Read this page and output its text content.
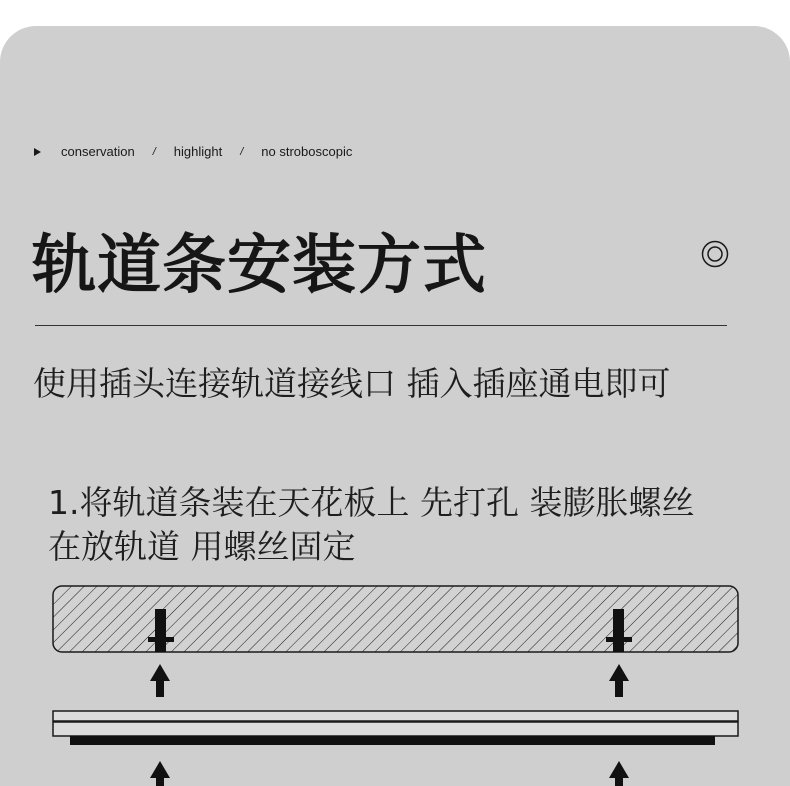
conservation / highlight / no stroboscopic
轨道条安装方式
使用插头连接轨道接线口 插入插座通电即可
1.将轨道条装在天花板上 先打孔 装膨胀螺丝
在放轨道 用螺丝固定
